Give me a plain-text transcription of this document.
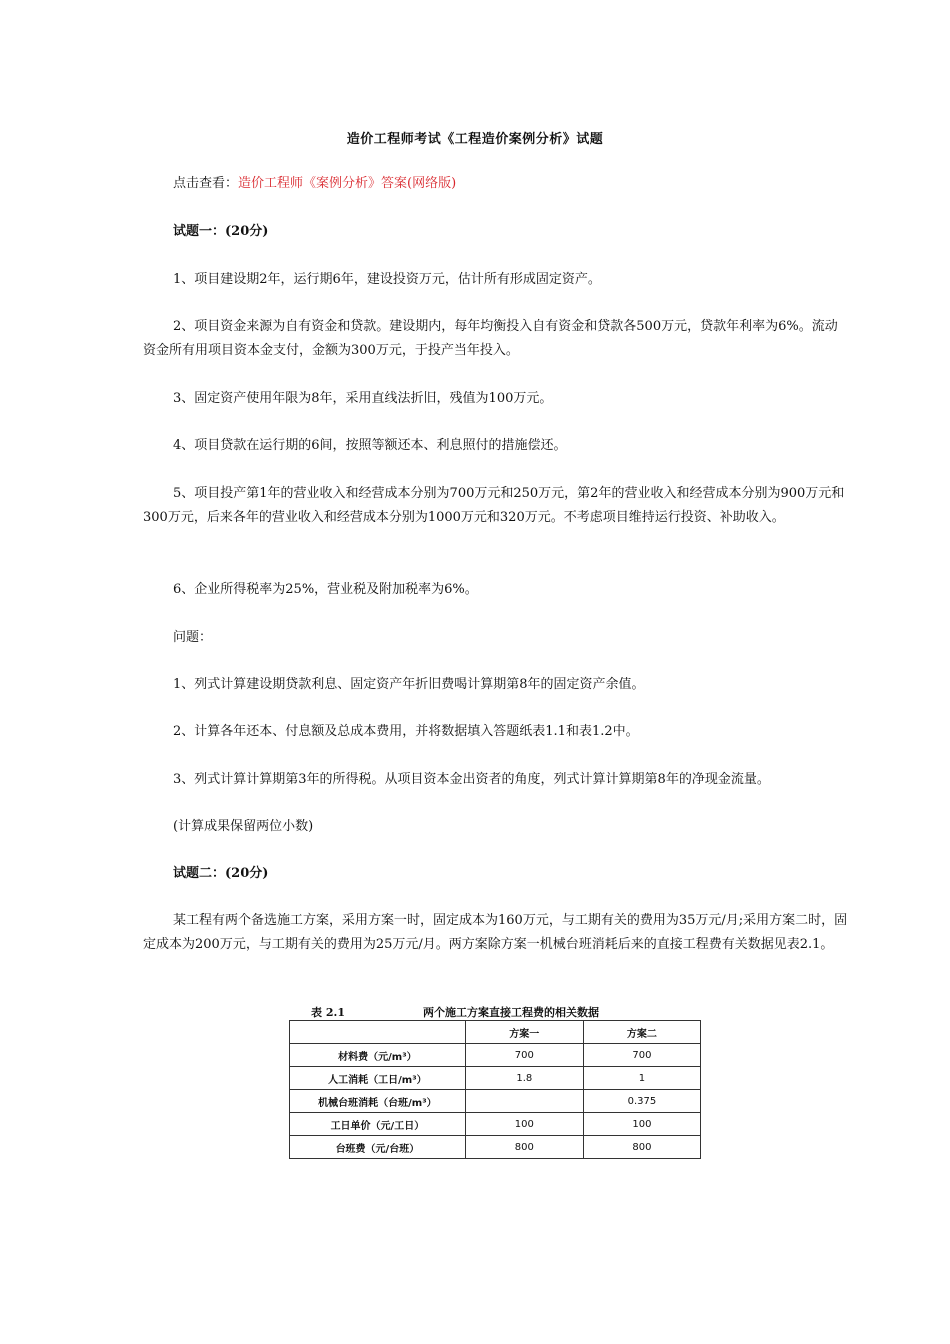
造价工程师考试《工程造价案例分析》试题
点击查看：造价工程师《案例分析》答案(网络版)
试题一：(20分)
1、项目建设期2年，运行期6年，建设投资万元，估计所有形成固定资产。
2、项目资金来源为自有资金和贷款。建设期内，每年均衡投入自有资金和贷款各500万元，贷款年利率为6%。流动资金所有用项目资本金支付，金额为300万元，于投产当年投入。
3、固定资产使用年限为8年，采用直线法折旧，残值为100万元。
4、项目贷款在运行期的6间，按照等额还本、利息照付的措施偿还。
5、项目投产第1年的营业收入和经营成本分别为700万元和250万元，第2年的营业收入和经营成本分别为900万元和300万元，后来各年的营业收入和经营成本分别为1000万元和320万元。不考虑项目维持运行投资、补助收入。
6、企业所得税率为25%，营业税及附加税率为6%。
问题：
1、列式计算建设期贷款利息、固定资产年折旧费喝计算期第8年的固定资产余值。
2、计算各年还本、付息额及总成本费用，并将数据填入答题纸表1.1和表1.2中。
3、列式计算计算期第3年的所得税。从项目资本金出资者的角度，列式计算计算期第8年的净现金流量。
(计算成果保留两位小数)
试题二：(20分)
某工程有两个备选施工方案，采用方案一时，固定成本为160万元，与工期有关的费用为35万元/月;采用方案二时，固定成本为200万元，与工期有关的费用为25万元/月。两方案除方案一机械台班消耗后来的直接工程费有关数据见表2.1。
表 2.1	两个施工方案直接工程费的相关数据
	方案一	方案二
材料费（元/m³）	700	700
人工消耗（工日/m³）	1.8	1
机械台班消耗（台班/m³）		0.375
工日单价（元/工日）	100	100
台班费（元/台班）	800	800
